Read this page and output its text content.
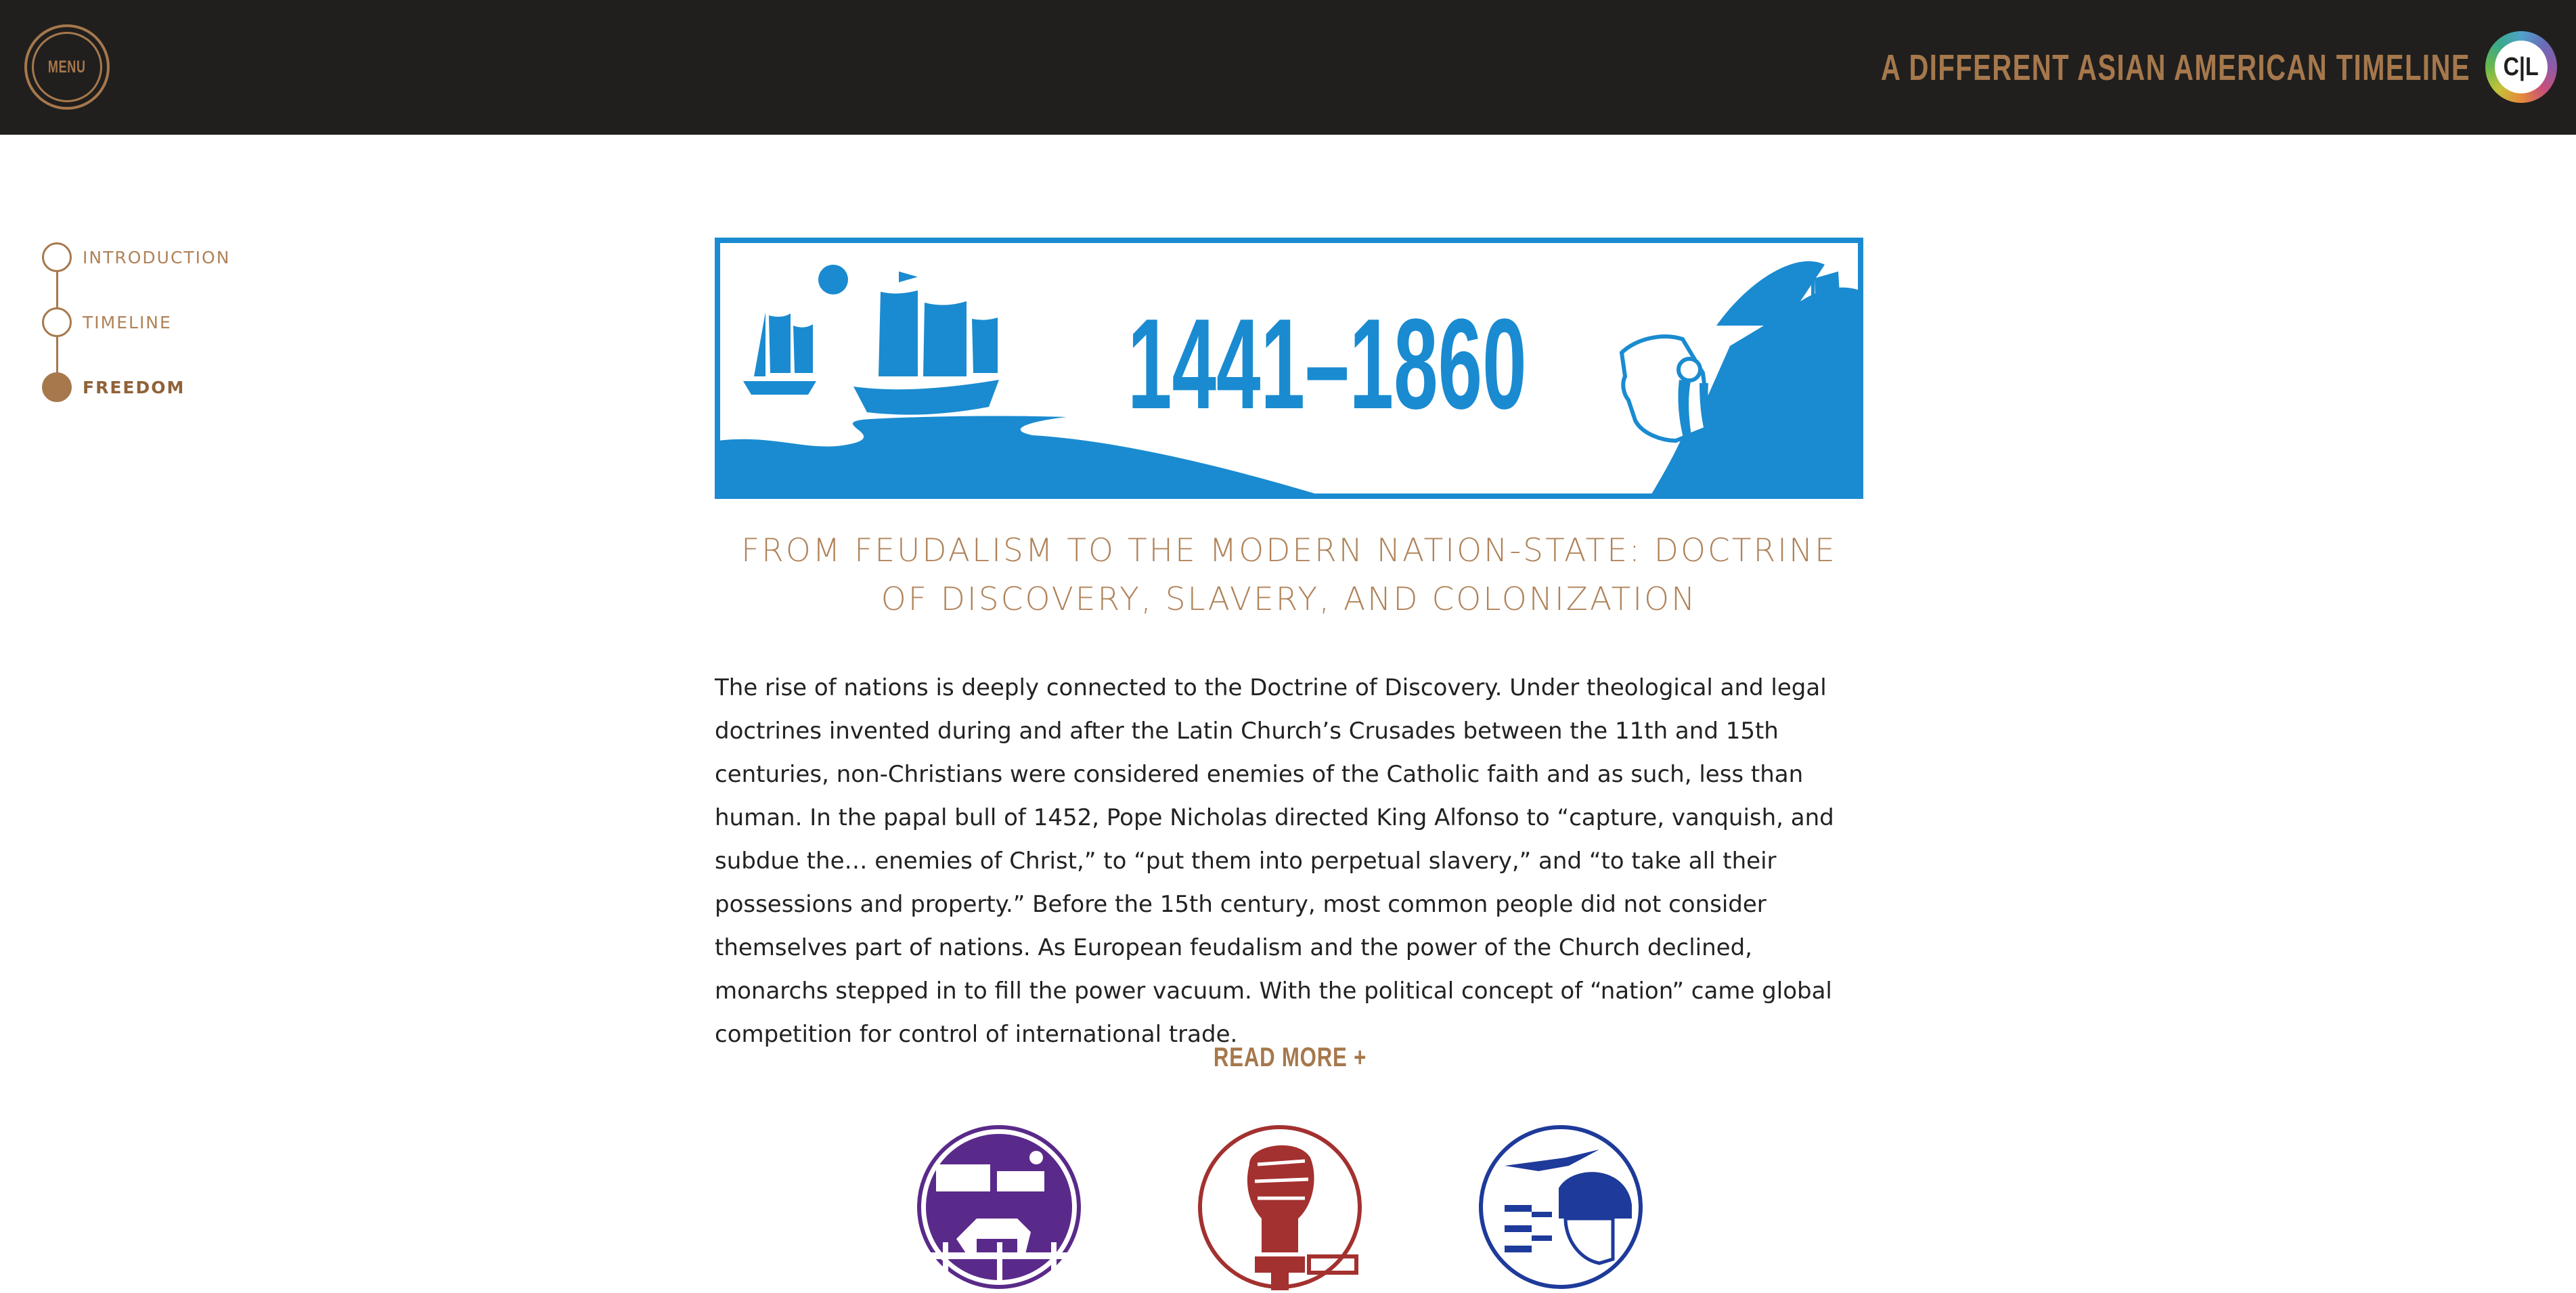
MENU	A DIFFERENT ASIAN AMERICAN TIMELINE C|L
INTRODUCTION
TIMELINE
FREEDOM	1441–1860
FROM FEUDALISM TO THE MODERN NATION-STATE: DOCTRINE OF DISCOVERY, SLAVERY, AND COLONIZATION

The rise of nations is deeply connected to the Doctrine of Discovery. Under theological and legal doctrines invented during and after the Latin Church’s Crusades between the 11th and 15th centuries, non-Christians were considered enemies of the Catholic faith and as such, less than human. In the papal bull of 1452, Pope Nicholas directed King Alfonso to “capture, vanquish, and subdue the… enemies of Christ,” to “put them into perpetual slavery,” and “to take all their possessions and property.” Before the 15th century, most common people did not consider themselves part of nations. As European feudalism and the power of the Church declined, monarchs stepped in to fill the power vacuum. With the political concept of “nation” came global competition for control of international trade.

READ MORE +
